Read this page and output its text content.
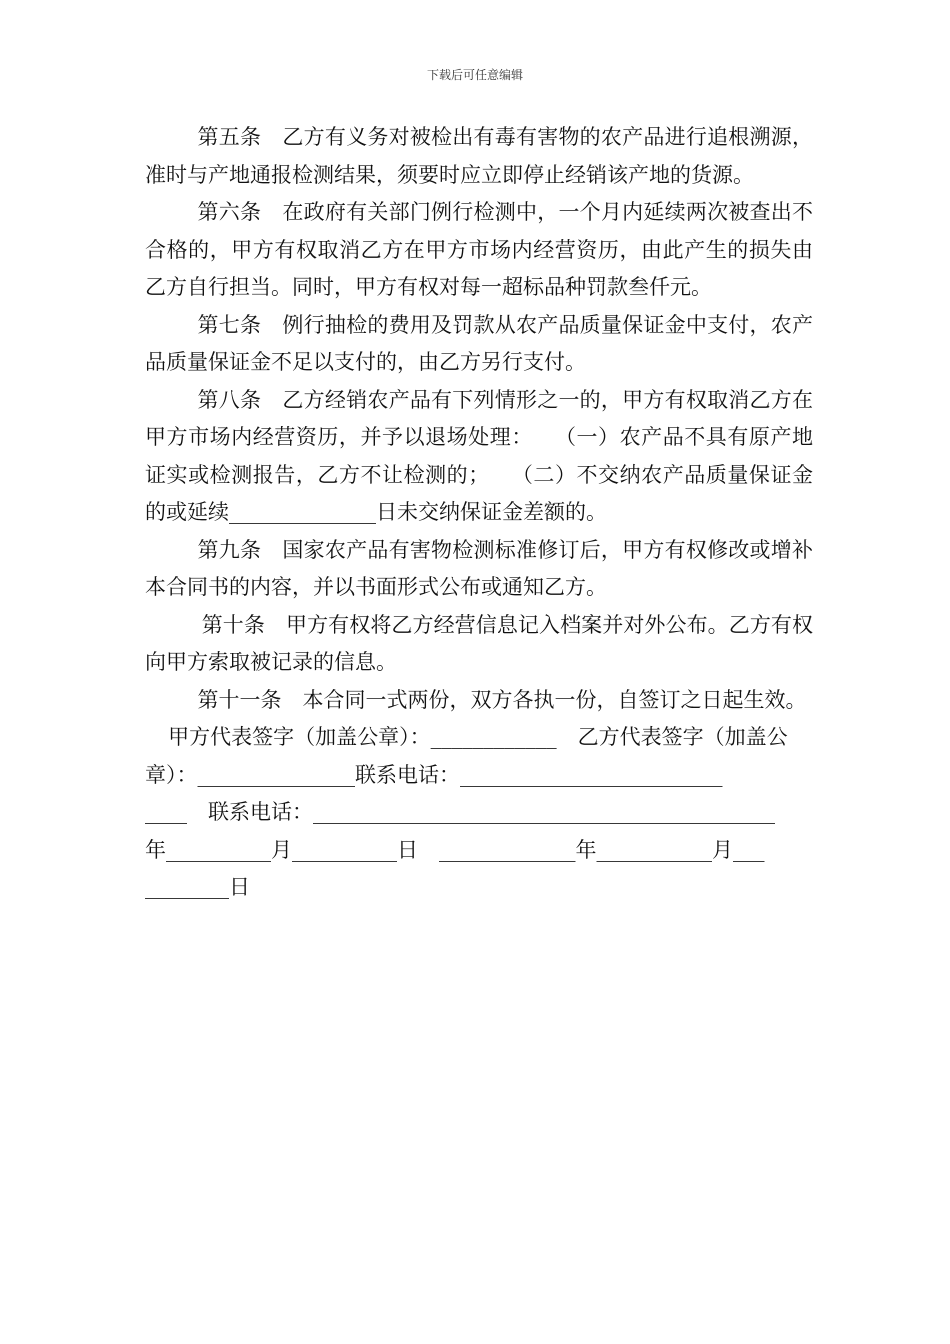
下载后可任意编辑

第五条　乙方有义务对被检出有毒有害物的农产品进行追根溯源，准时与产地通报检测结果，须要时应立即停止经销该产地的货源。

第六条　在政府有关部门例行检测中，一个月内延续两次被查出不合格的，甲方有权取消乙方在甲方市场内经营资历，由此产生的损失由乙方自行担当。同时，甲方有权对每一超标品种罚款叁仟元。

第七条　例行抽检的费用及罚款从农产品质量保证金中支付，农产品质量保证金不足以支付的，由乙方另行支付。

第八条　乙方经销农产品有下列情形之一的，甲方有权取消乙方在甲方市场内经营资历，并予以退场处理：　　（一）农产品不具有原产地证实或检测报告，乙方不让检测的；　　（二）不交纳农产品质量保证金的或延续______________日未交纳保证金差额的。

第九条　国家农产品有害物检测标准修订后，甲方有权修改或增补本合同书的内容，并以书面形式公布或通知乙方。

第十条　甲方有权将乙方经营信息记入档案并对外公布。乙方有权向甲方索取被记录的信息。

第十一条　本合同一式两份，双方各执一份，自签订之日起生效。

甲方代表签字（加盖公章）：____________　乙方代表签字（加盖公章）：_______________联系电话：_________________________

____　联系电话：____________________________________________

年__________月__________日　_____________年___________月___

________日
